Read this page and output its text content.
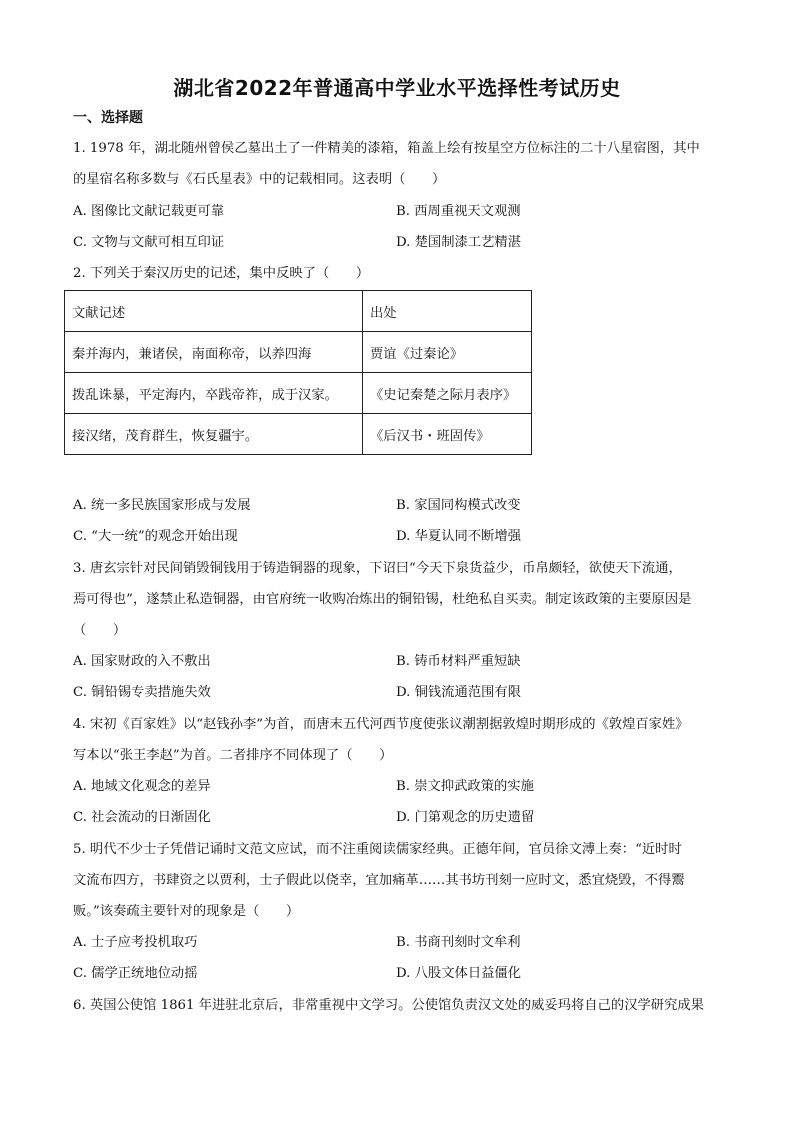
湖北省2022年普通高中学业水平选择性考试历史
一、选择题
1. 1978 年，湖北随州曾侯乙墓出土了一件精美的漆箱，箱盖上绘有按星空方位标注的二十八星宿图，其中
的星宿名称多数与《石氏星表》中的记载相同。这表明（　　）
A. 图像比文献记载更可靠	B. 西周重视天文观测
C. 文物与文献可相互印证	D. 楚国制漆工艺精湛
2. 下列关于秦汉历史的记述，集中反映了（　　）
文献记述	出处
秦并海内，兼诸侯，南面称帝，以养四海	贾谊《过秦论》
拨乱诛暴，平定海内，卒践帝祚，成于汉家。	《史记秦楚之际月表序》
接汉绪，茂育群生，恢复疆宇。	《后汉书・班固传》
A. 统一多民族国家形成与发展	B. 家国同构模式改变
C. “大一统”的观念开始出现	D. 华夏认同不断增强
3. 唐玄宗针对民间销毁铜钱用于铸造铜器的现象，下诏曰“今天下泉货益少，币帛颇轻，欲使天下流通，
焉可得也”，遂禁止私造铜器，由官府统一收购冶炼出的铜铅锡，杜绝私自买卖。制定该政策的主要原因是
（　　）
A. 国家财政的入不敷出	B. 铸币材料严重短缺
C. 铜铅锡专卖措施失效	D. 铜钱流通范围有限
4. 宋初《百家姓》以“赵钱孙李”为首，而唐末五代河西节度使张议潮割据敦煌时期形成的《敦煌百家姓》
写本以“张王李赵”为首。二者排序不同体现了（　　）
A. 地域文化观念的差异	B. 崇文抑武政策的实施
C. 社会流动的日渐固化	D. 门第观念的历史遗留
5. 明代不少士子凭借记诵时文范文应试，而不注重阅读儒家经典。正德年间，官员徐文溥上奏：“近时时
文流布四方，书肆资之以贾利，士子假此以侥幸，宜加痛革……其书坊刊刻一应时文，悉宜烧毁，不得鬻
贩。”该奏疏主要针对的现象是（　　）
A. 士子应考投机取巧	B. 书商刊刻时文牟利
C. 儒学正统地位动摇	D. 八股文体日益僵化
6. 英国公使馆 1861 年进驻北京后，非常重视中文学习。公使馆负责汉文处的威妥玛将自己的汉学研究成果
